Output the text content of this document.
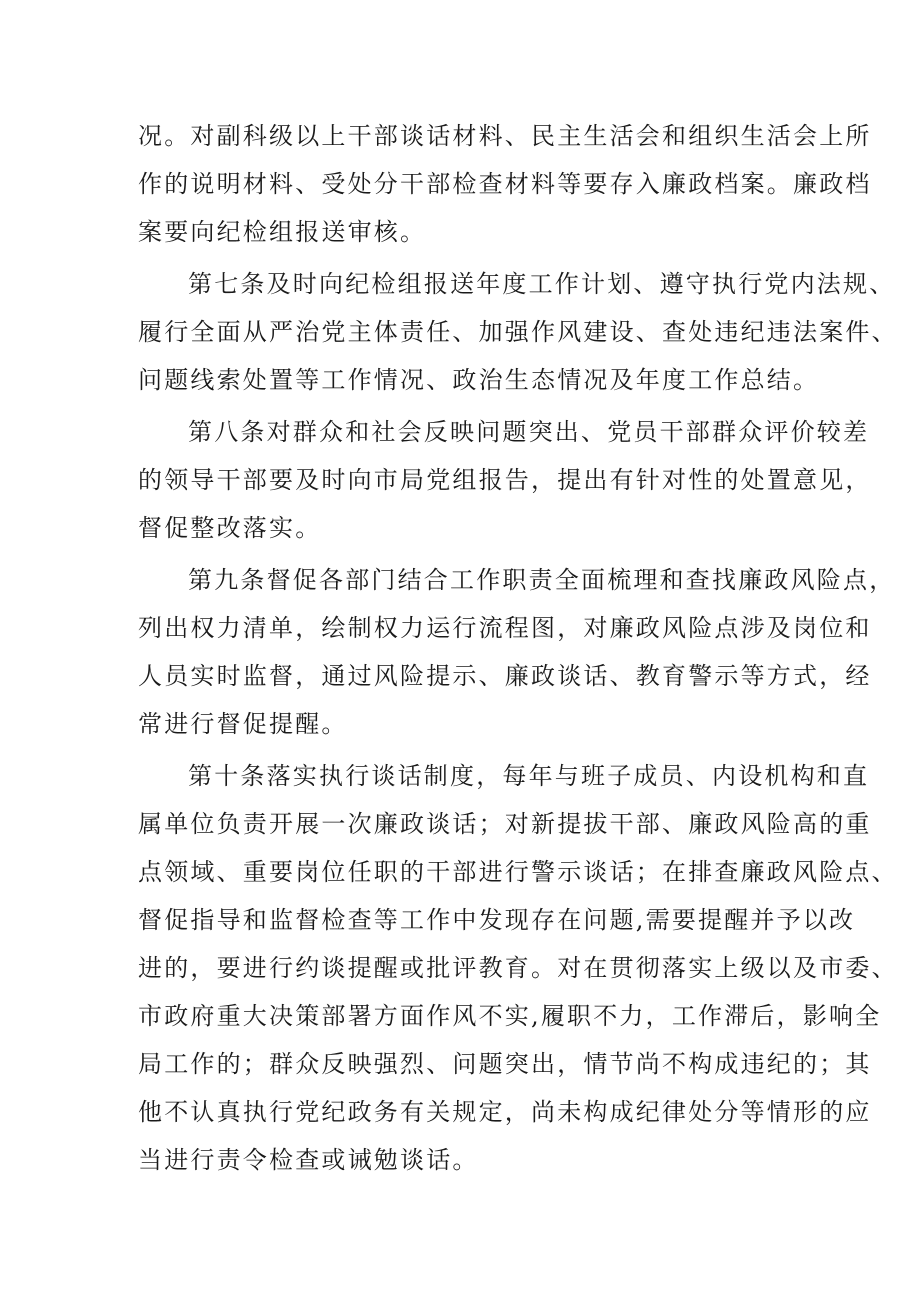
况。对副科级以上干部谈话材料、民主生活会和组织生活会上所
作的说明材料、受处分干部检查材料等要存入廉政档案。廉政档
案要向纪检组报送审核。
第七条及时向纪检组报送年度工作计划、遵守执行党内法规、
履行全面从严治党主体责任、加强作风建设、查处违纪违法案件、
问题线索处置等工作情况、政治生态情况及年度工作总结。
第八条对群众和社会反映问题突出、党员干部群众评价较差
的领导干部要及时向市局党组报告，提出有针对性的处置意见，
督促整改落实。
第九条督促各部门结合工作职责全面梳理和查找廉政风险点，
列出权力清单，绘制权力运行流程图，对廉政风险点涉及岗位和
人员实时监督，通过风险提示、廉政谈话、教育警示等方式，经
常进行督促提醒。
第十条落实执行谈话制度，每年与班子成员、内设机构和直
属单位负责开展一次廉政谈话；对新提拔干部、廉政风险高的重
点领域、重要岗位任职的干部进行警示谈话；在排查廉政风险点、
督促指导和监督检查等工作中发现存在问题,需要提醒并予以改
进的，要进行约谈提醒或批评教育。对在贯彻落实上级以及市委、
市政府重大决策部署方面作风不实,履职不力，工作滞后，影响全
局工作的；群众反映强烈、问题突出，情节尚不构成违纪的；其
他不认真执行党纪政务有关规定，尚未构成纪律处分等情形的应
当进行责令检查或诫勉谈话。
